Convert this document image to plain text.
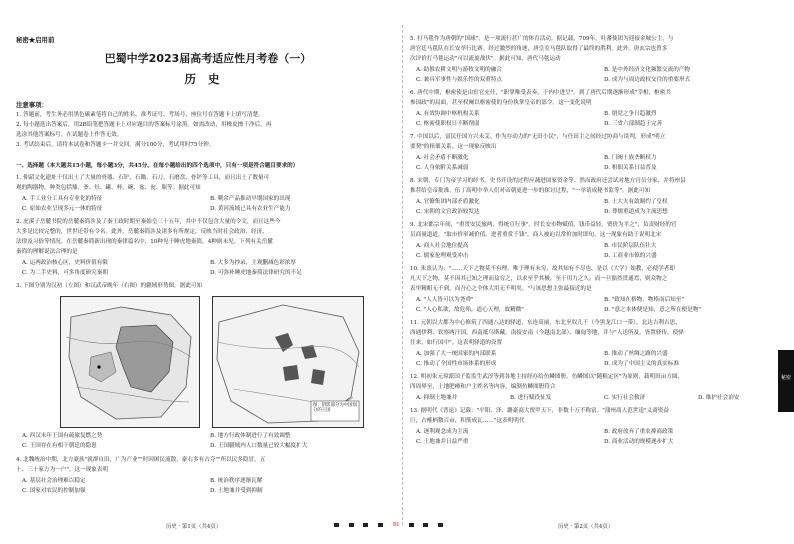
秘密★启用前
巴蜀中学2023届高考适应性月考卷（一）
历史
注意事项：
1. 答题前，考生务必用黑色碳素笔将自己的姓名、准考证号、考场号、座位号在答题卡上填写清楚。
2. 每小题选出答案后，用2B铅笔把答题卡上对应题目的答案标号涂黑。如需改动，用橡皮擦干净后，再
选涂其他答案标号。在试题卷上作答无效。
3. 考试结束后，请将本试卷和答题卡一并交回。满分100分，考试用时75分钟。
一、选择题（本大题共15小题，每小题3分，共45分。在每小题给出的四个选项中，只有一项是符合题目要求的）
1. 仰韶文化遗址干仅出土了大量的骨器、石铲、石锄、石刀、石磨盘、骨铲等工具，而且出土了数量可
观的陶器物，种类包括鼎、釜、灶、罐、杯、碗、盆、瓮、瓶等。据此可知
A. 手工业分工具有专业化的特征	B. 剩余产品推动早期国家的出现
C. 原始农业呈现多元一体的特征	D. 黄河流域已具有农业生产能力
2. 虎溪子岳麓书院的岳麓秦简涉及了秦王政时期至秦始皇三十五年，其中不仅包含大量的令文，而且这些今
大多是比较完整的，世世还带有令名。此外，岳麓秦简涉及诸多有所规定，反映当时社会政治、经济、
法律及习俗等情况。在岳麓秦简新出现的秦律篇名中，10种见于睡虎地秦简，4种则未见。下列有关岳麓
秦简的理解说法合理的是
A. 运两政治核心区，史料价值有限	B. 大多为抄录，主观删减色彩浓厚
C. 为二手史料，可多角度研究秦朝	D. 可弥补睡虎地秦简法律研究的不足
3. 下图分别为汉初（左图）和汉武帝晚年（右图）的疆域形势图。据此可知
图：阴影部分为中国划分的王国
A. 西汉末年王国有疏旅复燃之势	B. 地方行政体制进行了有效调整
C. 王国存在有相干朝廷的隐患	D. 王国疆域内人口数量已较大幅度扩大
4. 北魏统治中期，北方豪族"就群自田，广为产业""时因困民流散，豪右多有占夺""所以民多隐冒，五
十、三十家方为一户"。这一现象表明
A. 基层社会治理难以稳定	B. 统治秩序逐渐瓦解
C. 国家对农民的控制加强	D. 土地兼并受到抑制
历史 · 第1页（共4页）
5. 打马毯作为唐朝的"国球"，是一项流行甚广的体育活动。据记载，709年，吐蕃使团为迎接金城公主，与
唐官廷马毯队在长安举行比赛。经过激烈的角逐，唐皇室马毯队取得了最终的胜利。此外，唐玄宗也曾多
次评价打马毯运动"可以流旋战伏"。据此可知，唐代马毯运动
A. 助推农耕文明与游牧文明的融合	B. 是中外经济文化频繁交流的产物
C. 兼具军事性与娱乐性的双重特点	D. 成为与周边政权交往的重要形式
6. 唐代中期，枢密使是由宦官充任，"职掌唯受表奏，于内中进呈"。到了唐代后期逐渐形成"宰相，枢密共
参国政"的局面，甚至权阉以枢密使的身份执掌皇帝的部令。这一变化说明
A. 有效协调中枢机构关系	B. 朋党之争日趋激烈
C. 枢密使职权日不断削弱	D. 三省六部制趋于完善
7. 中国以后，富民任国方兴未艾。作为存动力的"无田小民"，与任田主之间经过协商与谈判，形成"明立
要契"的租佃关系。这一现象反映出
A. 社会矛盾不断激化	B. 门阀士族垄断权力
C. 人身依附关系减弱	D. 租佃关系日益普及
8. 宋朝，专门为帝学习的经书，史书开设的过程应蔬进国家资金等。然而政府还尝试对地方官员分家，并将州县
推荐给皇帝批准，伍丁高明中举人们对帝朝更进一步的探讨过程，"一举请成秘书监等"。据此可知
A. 官僚集团内部矛盾激化	B. 士大夫有效制约了皇权
C. 宋朝的文官政治较发达	D. 尊儒重道成为主流思想
9. 北宋都宗年间，"重贯安民旅两，得统宣行事"。时长安市物赋值，钱币益轻，贾价为平之"，负责财经的官
员商量道道，"取市价率减价值，进者重赏千钱"。商人被迫以常价加时即旬，这一现象有助于说明北宋
A. 商人社会地位提高	B. 市民阶层队伍壮大
C. 儒家伦理观受冲击	D. 工商业市镇的兴盛
10. 朱熹认为："……天下之物莫不有理，唯于理有未穷，故其知有不尽也，是以《大学》始教，必使学者即
凡天下之物，莫不因其已知之理而益穷之，以求至乎其极。至于用力之久，而一旦豁然贯通焉，则众物之
表里精粗无不到，而吾心之全体大用无不明矣。"与该思想主张最接近的是
A. "人人皆可以为尧舜"	B. "致知在格物，物格而后知至"
C. "人心私欲，故危殆，道心天理，故精微"	D. "意之本体便是知，意之所在便是物"
11. 元朝以大都为中心修筑了四通八达的驿道，东连高丽，东北至奴儿干（今黑龙江口一带），北达吉利吉思，
西通伊利、钦察两汗国，西南抵乌斯藏，南接安南（今越南北部）、缅甸等地，并与"人送所及，皆置驿传，使驿
往来，如行国中"。这表明驿道的设置
A. 加强了大一统国家的内部联系	B. 推动了丝绸之路的兴盛
C. 推动了全国性市场体系的形成	D. 成为了中国主义的真实标准
12. 明初朱元璋派国子监监生武淳等到各地主持经办给鱼鳞图册。鱼鳞图以"随粮定区"为原则，载明田亩方圆，
四周界至，土地肥瘠和户主姓名等内容，编制鱼鳞图册符合
A. 抑制土地兼并	B. 进行赋役征发	C. 实行社会救济	D. 维护社会治安
13. 据明代《普论》记载："平阳、泽、潞豪商大贾甲天下，非数十万不称富。"蒲州商人范世逵"义商资益
巨，占榷柄数百亩，积筋成瓦……"这表明明代
A. 逐利观念成为主流	B. 政府放弃了重农抑商政策
C. 土地兼并日益严重	D. 商业活动的规模逐步扩大
历史 · 第2页（共4页）
BI
秘密
